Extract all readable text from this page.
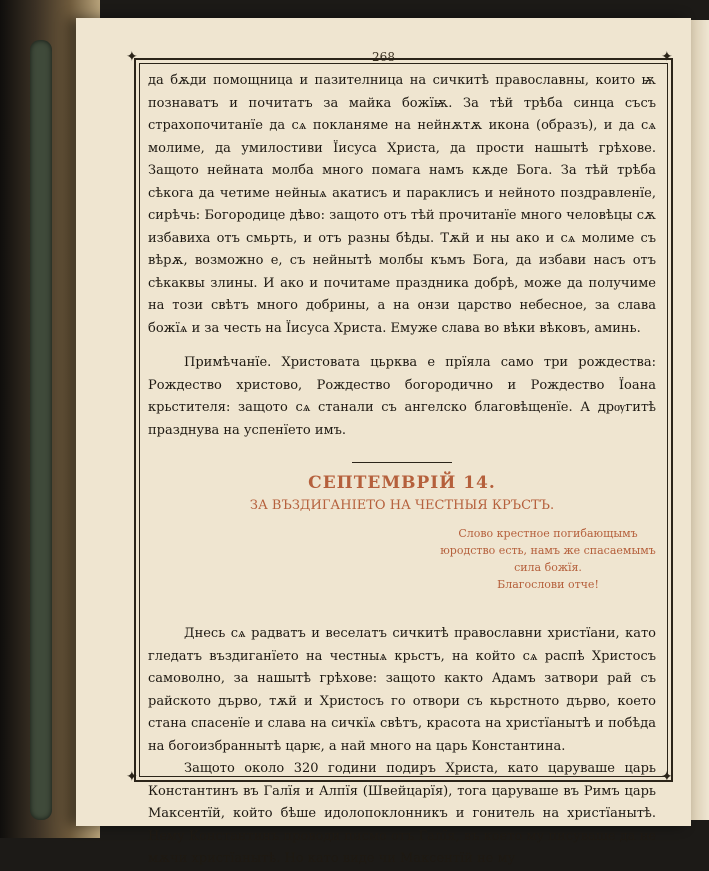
268
✦	✦
✦	✦

да бѫди помощница и пазителница на сичкитѣ православны, които ѭ познаватъ и почитатъ за майка божїѭ. За тѣй трѣба синца съсъ страхопочитанїе да сѧ покланяме на нейнѫтѫ икона (образъ), и да сѧ молиме, да умилостиви Їисуса Христа, да прости нашытѣ грѣхове. Защото нейната молба много помага намъ кѫде Бога. За тѣй трѣба сѣкога да четиме нейныѧ акатисъ и параклисъ и нейното поздравленїе, сирѣчь: Богородице дѣво: защото отъ тѣй прочитанїе много человѣцы сѫ избавиха отъ смьрть, и отъ разны бѣды. Тѫй и ны ако и сѧ молиме съ вѣрѫ, возможно е, съ нейнытѣ молбы къмъ Бога, да избави насъ отъ сѣкаквы злины. И ако и почитаме праздника добрѣ, може да получиме на този свѣтъ много добрины, а на онзи царство небесное, за слава божїѧ и за честь на Їисуса Христа. Емуже слава во вѣки вѣковъ, аминь.

Примѣчанїе. Христовата цьрква е прїяла само три рождества: Рождество христово, Рождество богородично и Рождество Їоана крьстителя: защото сѧ станали съ ангелско благовѣщенїе. А дрѹгитѣ празднува на успенїето имъ.

СЕПТЕМВРІЙ 14.

ЗА ВЪЗДИГАНІЕТО НА ЧЕСТНЫЯ КРЪСТЪ.

Слово крестное погибающымъ юродство есть, намъ же спасаемымъ сила божїя.
Благослови отче!

Днесь сѧ радватъ и веселатъ сичкитѣ православни христїани, като гледатъ въздиганїето на честныѧ крьстъ, на който сѧ распѣ Христосъ самоволно, за нашытѣ грѣхове: защото както Адамъ затвори рай съ райското дърво, тѫй и Христосъ го отвори съ кьрстното дърво, което стана спасенїе и слава на сичкїѧ свѣтъ, красота на христїанытѣ и побѣда на богоизбраннытѣ царѥ, а най много на царь Константина.

Защото около 320 години подиръ Христа, като царуваше царь Константинъ въ Галїя и Алпїя (Швейцарїя), тога царуваше въ Римъ царь Максентїй, който бѣше идолопоклонникъ и гонитель на христїанытѣ. Нему Константинъ проводи писмо отъ Галїя, въ което му писуваше да не мѫчи христїанытѣ. Но като виде чи Максентїй не му
